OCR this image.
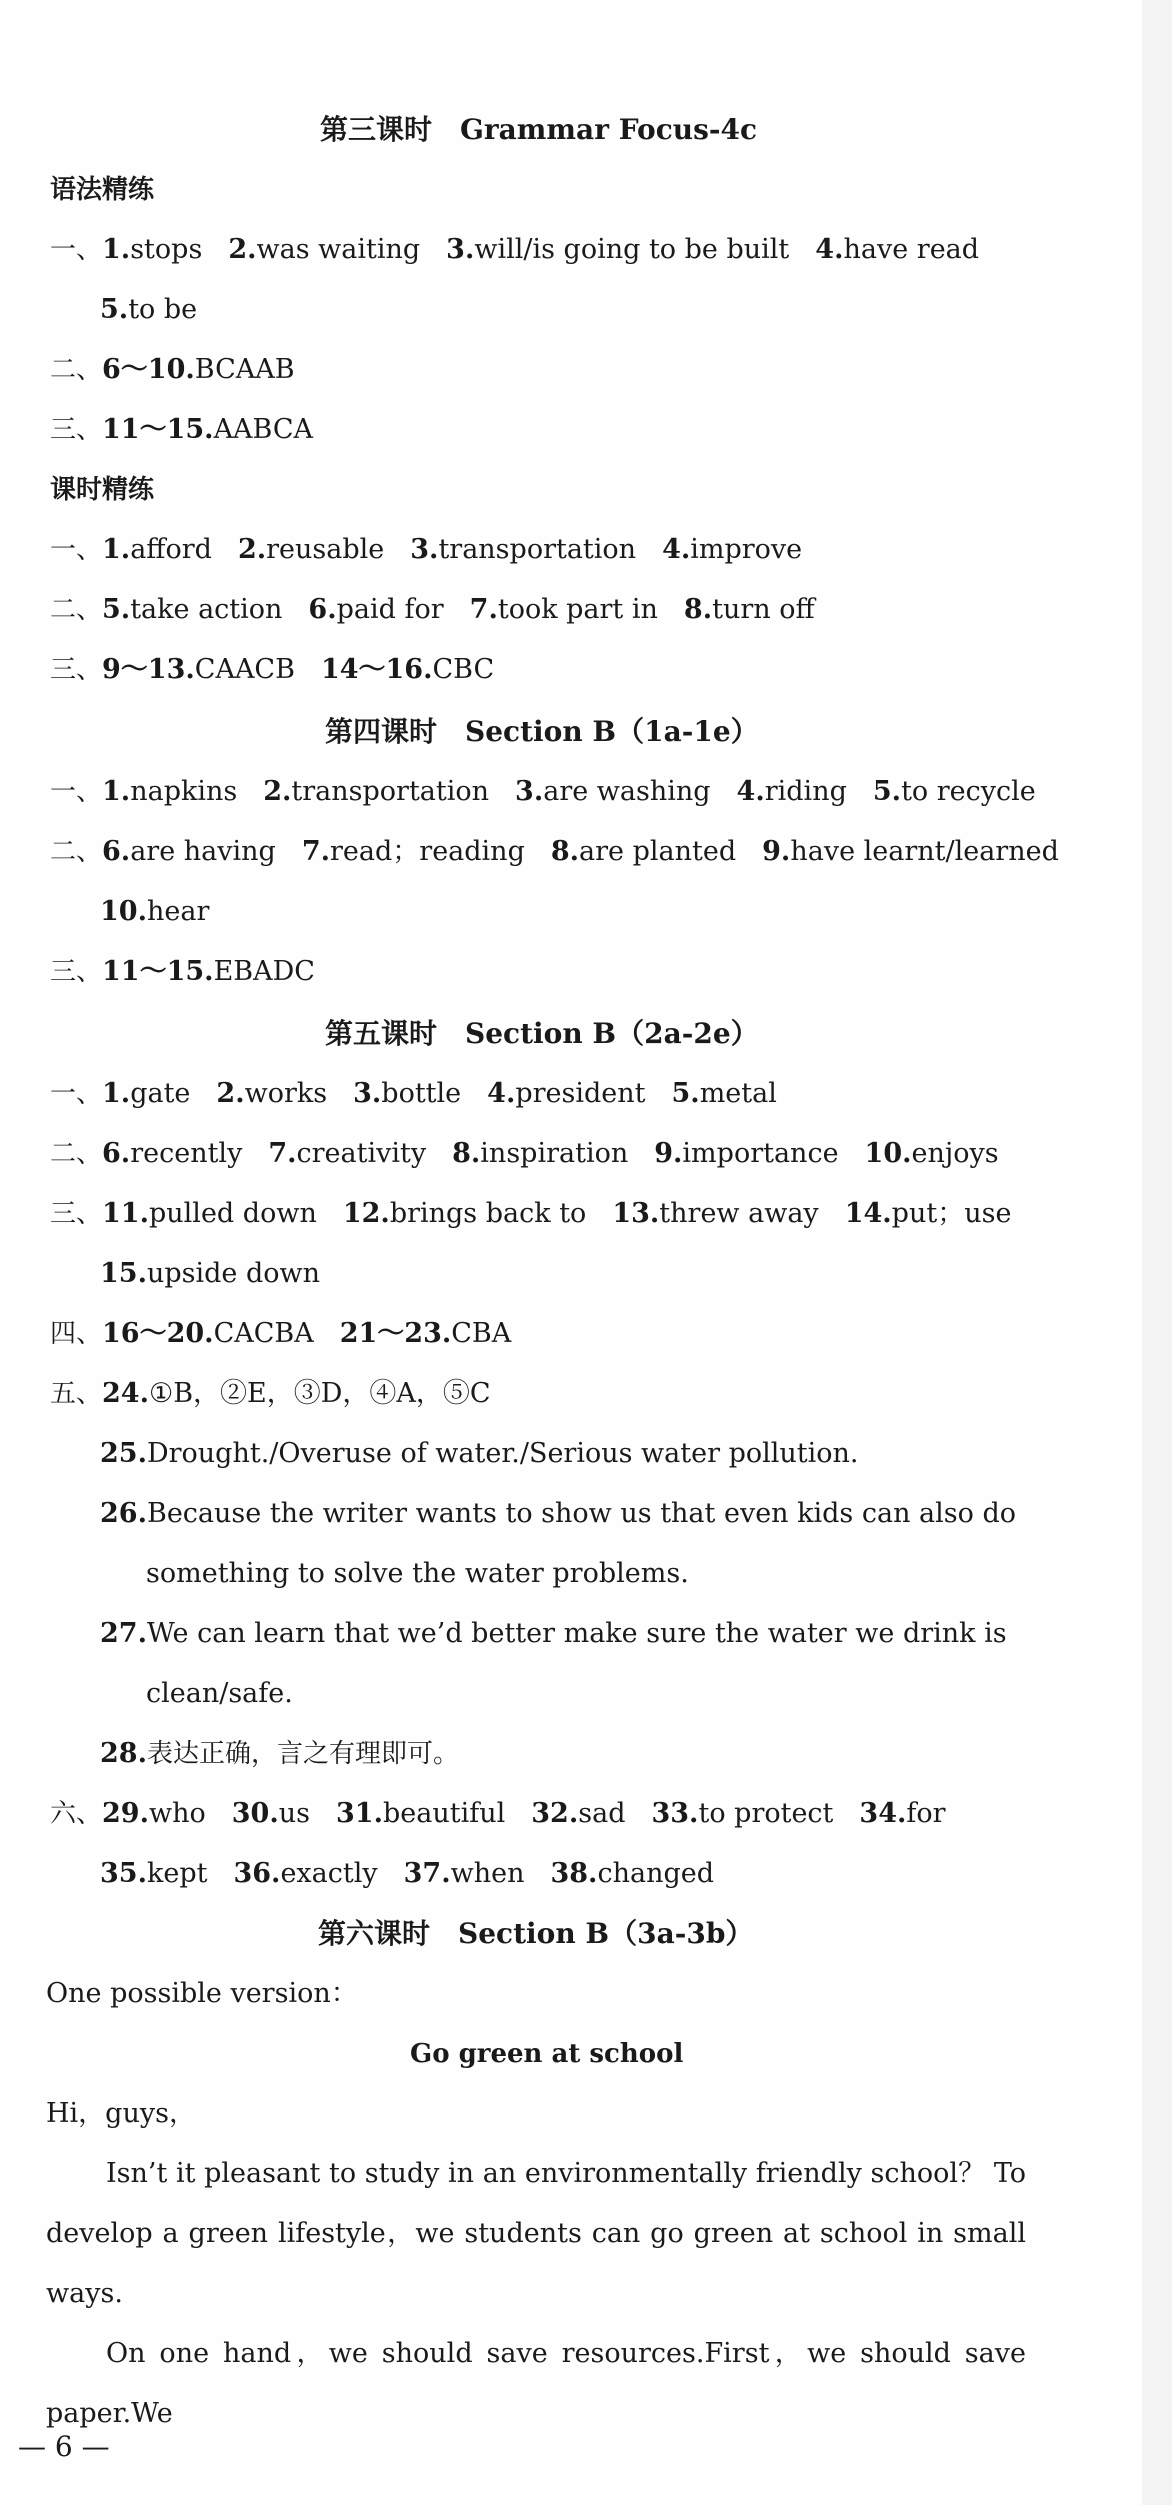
第三课时　Grammar Focus-4c
语法精练
一、1.stops 2.was waiting 3.will/is going to be built 4.have read
5.to be
二、6～10.BCAAB
三、11～15.AABCA
课时精练
一、1.afford 2.reusable 3.transportation 4.improve
二、5.take action 6.paid for 7.took part in 8.turn off
三、9～13.CAACB 14～16.CBC
第四课时　Section B（1a-1e）
一、1.napkins 2.transportation 3.are washing 4.riding 5.to recycle
二、6.are having 7.read；reading 8.are planted 9.have learnt/learned
10.hear
三、11～15.EBADC
第五课时　Section B（2a-2e）
一、1.gate 2.works 3.bottle 4.president 5.metal
二、6.recently 7.creativity 8.inspiration 9.importance 10.enjoys
三、11.pulled down 12.brings back to 13.threw away 14.put；use
15.upside down
四、16～20.CACBA 21～23.CBA
五、24.①B，②E，③D，④A，⑤C
25.Drought./Overuse of water./Serious water pollution.
26.Because the writer wants to show us that even kids can also do
something to solve the water problems.
27.We can learn that we’d better make sure the water we drink is
clean/safe.
28.表达正确，言之有理即可。
六、29.who 30.us 31.beautiful 32.sad 33.to protect 34.for
35.kept 36.exactly 37.when 38.changed
第六课时　Section B（3a-3b）
One possible version：
Go green at school
Hi，guys，
Isn’t it pleasant to study in an environmentally friendly school？ To develop a green lifestyle，we students can go green at school in small ways.
On one hand，we should save resources.First，we should save paper.We
— 6 —
